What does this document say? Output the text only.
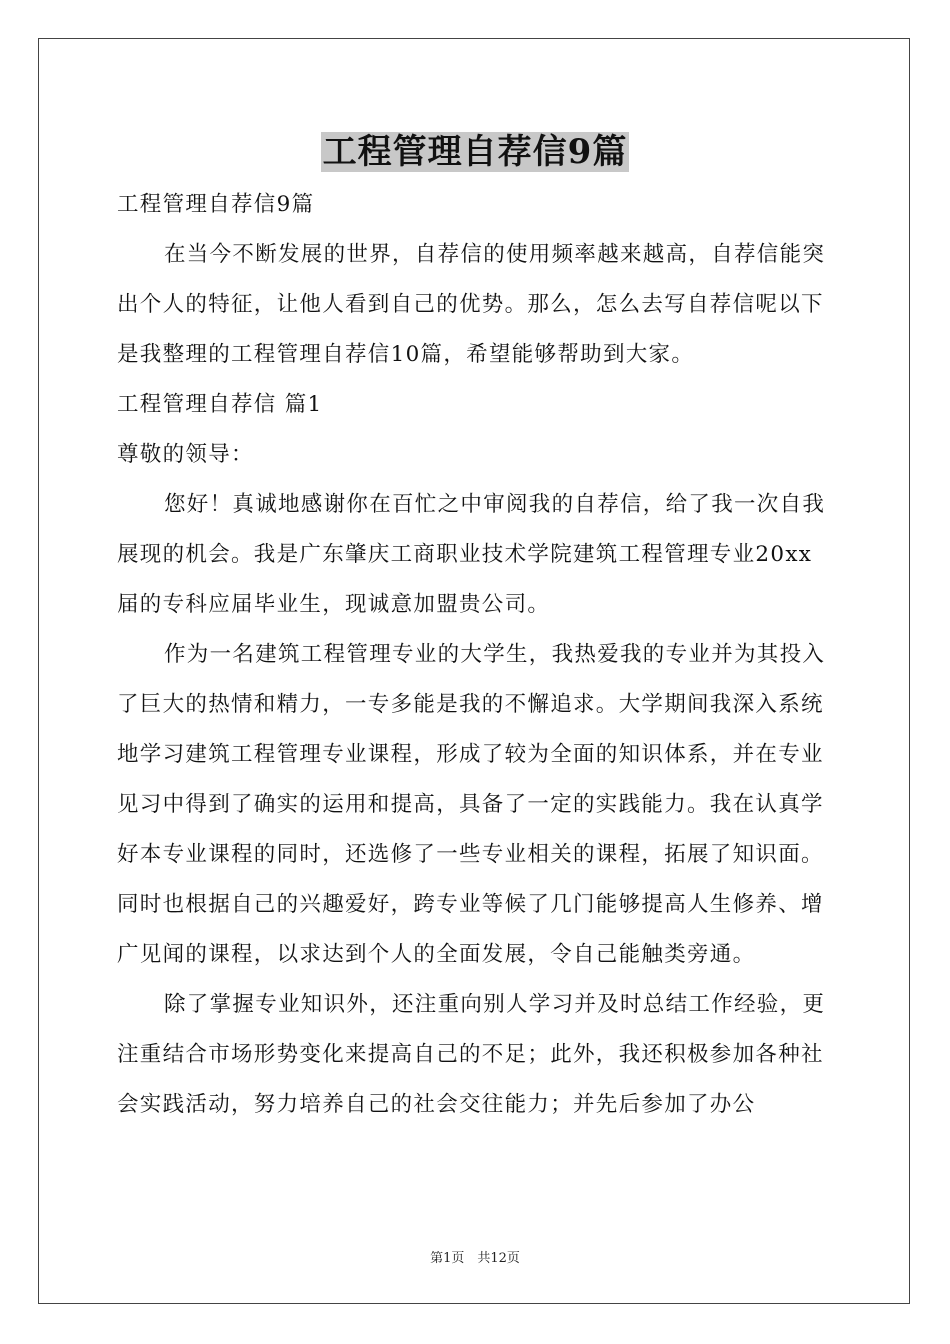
工程管理自荐信9篇

工程管理自荐信9篇

在当今不断发展的世界，自荐信的使用频率越来越高，自荐信能突出个人的特征，让他人看到自己的优势。那么，怎么去写自荐信呢以下是我整理的工程管理自荐信10篇，希望能够帮助到大家。

工程管理自荐信 篇1

尊敬的领导：

您好！真诚地感谢你在百忙之中审阅我的自荐信，给了我一次自我展现的机会。我是广东肇庆工商职业技术学院建筑工程管理专业20xx届的专科应届毕业生，现诚意加盟贵公司。

作为一名建筑工程管理专业的大学生，我热爱我的专业并为其投入了巨大的热情和精力，一专多能是我的不懈追求。大学期间我深入系统地学习建筑工程管理专业课程，形成了较为全面的知识体系，并在专业见习中得到了确实的运用和提高，具备了一定的实践能力。我在认真学好本专业课程的同时，还选修了一些专业相关的课程，拓展了知识面。同时也根据自己的兴趣爱好，跨专业等候了几门能够提高人生修养、增广见闻的课程，以求达到个人的全面发展，令自己能触类旁通。

除了掌握专业知识外，还注重向别人学习并及时总结工作经验，更注重结合市场形势变化来提高自己的不足；此外，我还积极参加各种社会实践活动，努力培养自己的社会交往能力；并先后参加了办公

第1页　共12页
